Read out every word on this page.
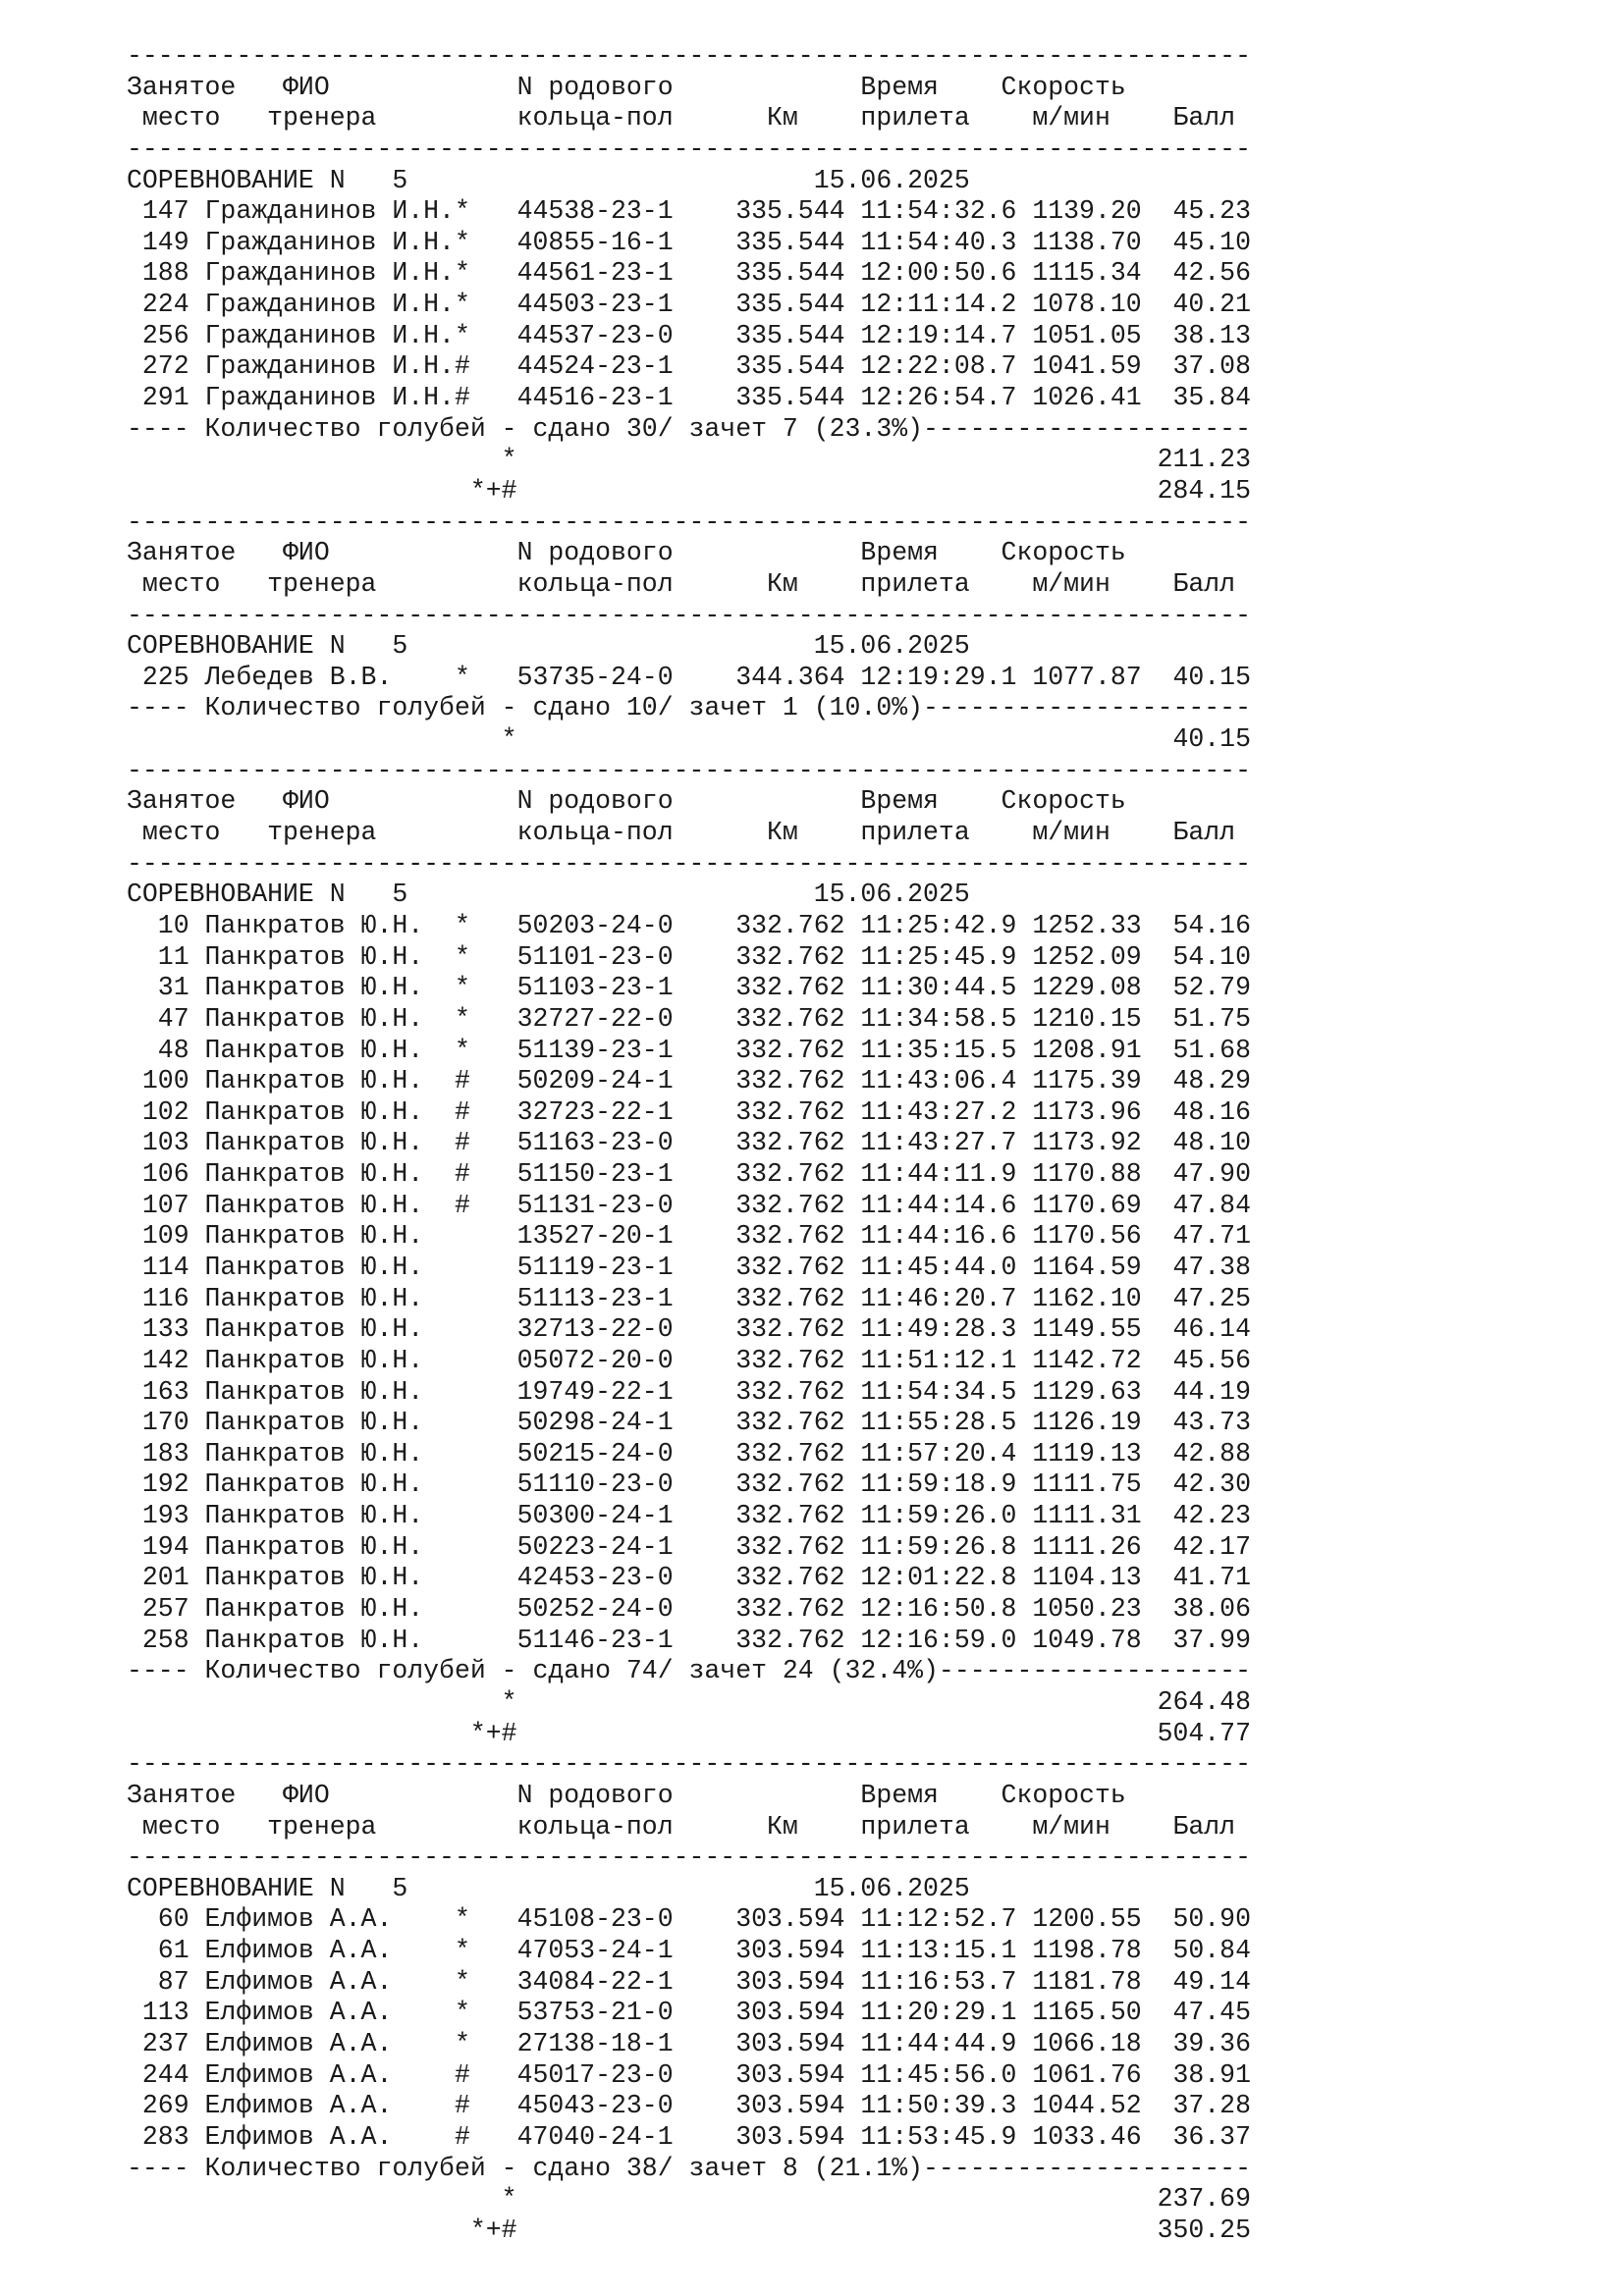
------------------------------------------------------------------------
Занятое   ФИО            N родового            Время    Скорость
место   тренера         кольца-пол      Км    прилета    м/мин    Балл
------------------------------------------------------------------------
СОРЕВНОВАНИЕ N   5                          15.06.2025
147 Гражданинов И.Н.*   44538-23-1    335.544 11:54:32.6 1139.20  45.23
149 Гражданинов И.Н.*   40855-16-1    335.544 11:54:40.3 1138.70  45.10
188 Гражданинов И.Н.*   44561-23-1    335.544 12:00:50.6 1115.34  42.56
224 Гражданинов И.Н.*   44503-23-1    335.544 12:11:14.2 1078.10  40.21
256 Гражданинов И.Н.*   44537-23-0    335.544 12:19:14.7 1051.05  38.13
272 Гражданинов И.Н.#   44524-23-1    335.544 12:22:08.7 1041.59  37.08
291 Гражданинов И.Н.#   44516-23-1    335.544 12:26:54.7 1026.41  35.84
---- Количество голубей - сдано 30/ зачет 7 (23.3%)---------------------
*                                         211.23
*+#                                         284.15
------------------------------------------------------------------------
Занятое   ФИО            N родового            Время    Скорость
место   тренера         кольца-пол      Км    прилета    м/мин    Балл
------------------------------------------------------------------------
СОРЕВНОВАНИЕ N   5                          15.06.2025
225 Лебедев В.В.    *   53735-24-0    344.364 12:19:29.1 1077.87  40.15
---- Количество голубей - сдано 10/ зачет 1 (10.0%)---------------------
*                                          40.15
------------------------------------------------------------------------
Занятое   ФИО            N родового            Время    Скорость
место   тренера         кольца-пол      Км    прилета    м/мин    Балл
------------------------------------------------------------------------
СОРЕВНОВАНИЕ N   5                          15.06.2025
10 Панкратов Ю.Н.  *   50203-24-0    332.762 11:25:42.9 1252.33  54.16
11 Панкратов Ю.Н.  *   51101-23-0    332.762 11:25:45.9 1252.09  54.10
31 Панкратов Ю.Н.  *   51103-23-1    332.762 11:30:44.5 1229.08  52.79
47 Панкратов Ю.Н.  *   32727-22-0    332.762 11:34:58.5 1210.15  51.75
48 Панкратов Ю.Н.  *   51139-23-1    332.762 11:35:15.5 1208.91  51.68
100 Панкратов Ю.Н.  #   50209-24-1    332.762 11:43:06.4 1175.39  48.29
102 Панкратов Ю.Н.  #   32723-22-1    332.762 11:43:27.2 1173.96  48.16
103 Панкратов Ю.Н.  #   51163-23-0    332.762 11:43:27.7 1173.92  48.10
106 Панкратов Ю.Н.  #   51150-23-1    332.762 11:44:11.9 1170.88  47.90
107 Панкратов Ю.Н.  #   51131-23-0    332.762 11:44:14.6 1170.69  47.84
109 Панкратов Ю.Н.      13527-20-1    332.762 11:44:16.6 1170.56  47.71
114 Панкратов Ю.Н.      51119-23-1    332.762 11:45:44.0 1164.59  47.38
116 Панкратов Ю.Н.      51113-23-1    332.762 11:46:20.7 1162.10  47.25
133 Панкратов Ю.Н.      32713-22-0    332.762 11:49:28.3 1149.55  46.14
142 Панкратов Ю.Н.      05072-20-0    332.762 11:51:12.1 1142.72  45.56
163 Панкратов Ю.Н.      19749-22-1    332.762 11:54:34.5 1129.63  44.19
170 Панкратов Ю.Н.      50298-24-1    332.762 11:55:28.5 1126.19  43.73
183 Панкратов Ю.Н.      50215-24-0    332.762 11:57:20.4 1119.13  42.88
192 Панкратов Ю.Н.      51110-23-0    332.762 11:59:18.9 1111.75  42.30
193 Панкратов Ю.Н.      50300-24-1    332.762 11:59:26.0 1111.31  42.23
194 Панкратов Ю.Н.      50223-24-1    332.762 11:59:26.8 1111.26  42.17
201 Панкратов Ю.Н.      42453-23-0    332.762 12:01:22.8 1104.13  41.71
257 Панкратов Ю.Н.      50252-24-0    332.762 12:16:50.8 1050.23  38.06
258 Панкратов Ю.Н.      51146-23-1    332.762 12:16:59.0 1049.78  37.99
---- Количество голубей - сдано 74/ зачет 24 (32.4%)--------------------
*                                         264.48
*+#                                         504.77
------------------------------------------------------------------------
Занятое   ФИО            N родового            Время    Скорость
место   тренера         кольца-пол      Км    прилета    м/мин    Балл
------------------------------------------------------------------------
СОРЕВНОВАНИЕ N   5                          15.06.2025
60 Елфимов А.А.    *   45108-23-0    303.594 11:12:52.7 1200.55  50.90
61 Елфимов А.А.    *   47053-24-1    303.594 11:13:15.1 1198.78  50.84
87 Елфимов А.А.    *   34084-22-1    303.594 11:16:53.7 1181.78  49.14
113 Елфимов А.А.    *   53753-21-0    303.594 11:20:29.1 1165.50  47.45
237 Елфимов А.А.    *   27138-18-1    303.594 11:44:44.9 1066.18  39.36
244 Елфимов А.А.    #   45017-23-0    303.594 11:45:56.0 1061.76  38.91
269 Елфимов А.А.    #   45043-23-0    303.594 11:50:39.3 1044.52  37.28
283 Елфимов А.А.    #   47040-24-1    303.594 11:53:45.9 1033.46  36.37
---- Количество голубей - сдано 38/ зачет 8 (21.1%)---------------------
*                                         237.69
*+#                                         350.25
